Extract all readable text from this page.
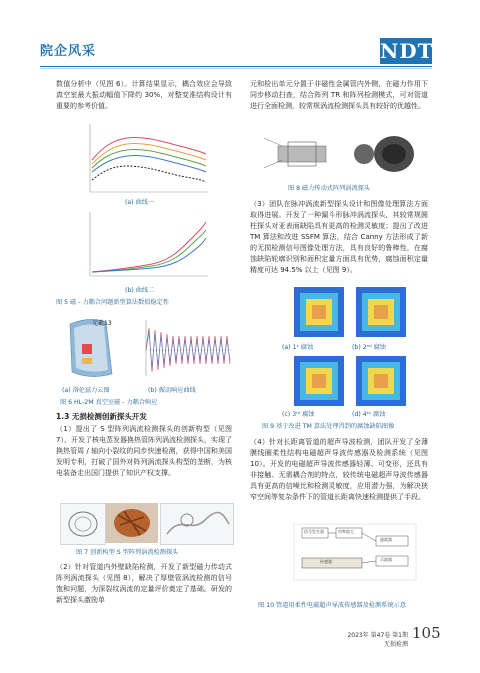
院企风采	NDT
数值分析中（见图 6）。计算结果显示，耦合效应会导致真空室最大振动幅值下降约 30%，对整变准结构设计有重要的参考价值。
(a) 曲线一
(b) 曲线二
图 5 磁 - 力耦合问题新型算法数值稳定性
元素13
(a) 洛伦兹力云图	(b) 振动响应曲线
图 6 HL-2M 真空室磁 - 力耦合响应
1.3 无损检测创新探头开发
（1）提出了 S 型阵列涡流检测探头的创新构型（见图 7），开发了核电蒸发器换热管阵列涡流检测探头，实现了换热管周 / 轴向小裂纹的同步快速检测，获得中国和美国发明专利，打破了国外对阵列涡流探头构型的垄断，为核电装备走出国门提供了知识产权支撑。
图 7 创新构型 S 型阵列涡流检测探头
（2）针对管道内外壁缺陷检测，开发了新型磁力传动式阵列涡流探头（见图 8），解决了厚壁管涡流检测的信号饱和问题，为深裂纹涡流的定量评价奠定了基础。研发的新型探头激励单
元和检出单元分置于非磁性金属管内外侧，在磁力作用下同步移动扫查，结合阵列 TR 和阵列检测模式，可对管道进行全面检测，较常规涡流检测探头具有较好的优越性。
图 8 磁力传动式阵列涡流探头
（3）团队在脉冲涡流新型探头设计和图像处理算法方面取得进展。开发了一种漏斗形脉冲涡流探头，其较常规圆柱探头对亚表面缺陷具有更高的检测灵敏度；提出了改进 TM 算法和改进 SSFM 算法，结合 Canny 方法形成了新的无损检测信号图像处理方法，具有良好的鲁棒性，在腐蚀缺陷轮廓识别和面积定量方面具有优势，腐蚀面积定量精度可达 94.5% 以上（见图 9）。
(a) 1ˢ 腐蚀	(b) 2ⁿᵈ 腐蚀
(c) 3ʳᵈ 腐蚀	(d) 4ᵗʰ 腐蚀
图 9 基于改进 TM 算法处理得到的腐蚀缺陷图像
（4）针对长距离管道的超声导波检测，团队开发了全薄膜线圈柔性结构电磁超声导波传感器及检测系统（见图 10）。开发的电磁超声导波传感器轻薄、可变形，还具有非接触、无需耦合剂的特点，较传统电磁超声导波传感器具有更高的信噪比和检测灵敏度，应用潜力强，为解决狭窄空间等复杂条件下的管道长距离快速检测提供了手段。
信号发生器	功率放大
滤波器
示波器
传感器
图 10 管道用柔性电磁超声导波传感器及检测系统示意
2023年 第47卷 第1期
无损检测
105
